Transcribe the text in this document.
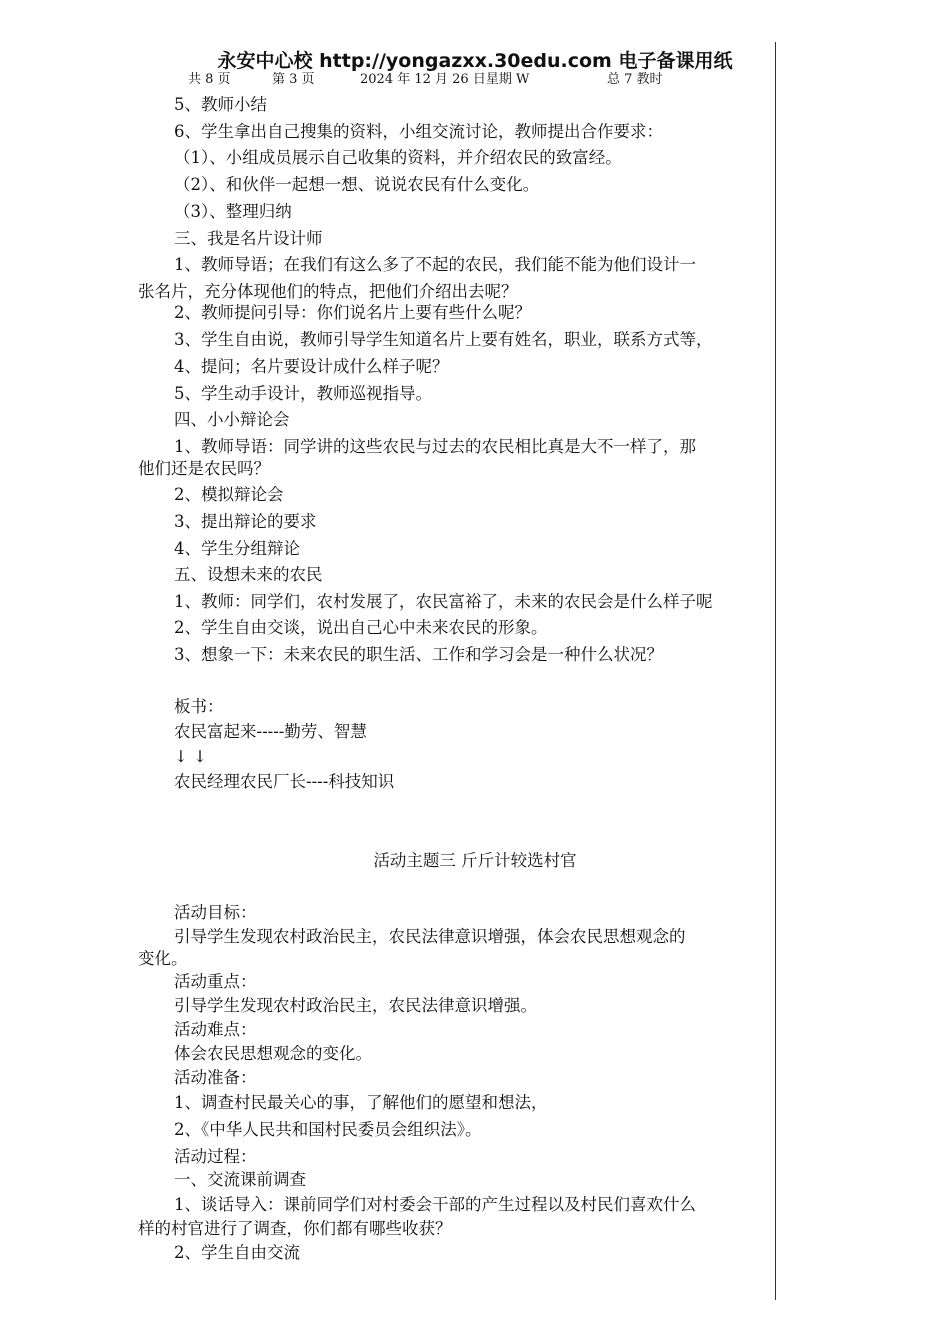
永安中心校 http://yongazxx.30edu.com 电子备课用纸
共 8 页	第 3 页	2024 年 12 月 26 日星期 W	总 7 教时
5、教师小结
6、学生拿出自己搜集的资料，小组交流讨论，教师提出合作要求：
（1）、小组成员展示自己收集的资料，并介绍农民的致富经。
（2）、和伙伴一起想一想、说说农民有什么变化。
（3）、整理归纳
三、我是名片设计师
1、教师导语；在我们有这么多了不起的农民，我们能不能为他们设计一
张名片，充分体现他们的特点，把他们介绍出去呢？
2、教师提问引导：你们说名片上要有些什么呢？
3、学生自由说，教师引导学生知道名片上要有姓名，职业，联系方式等，
4、提问；名片要设计成什么样子呢？
5、学生动手设计，教师巡视指导。
四、小小辩论会
1、教师导语：同学讲的这些农民与过去的农民相比真是大不一样了，那
他们还是农民吗？
2、模拟辩论会
3、提出辩论的要求
4、学生分组辩论
五、设想未来的农民
1、教师：同学们，农村发展了，农民富裕了，未来的农民会是什么样子呢
2、学生自由交谈，说出自己心中未来农民的形象。
3、想象一下：未来农民的职生活、工作和学习会是一种什么状况？
板书：
农民富起来-----勤劳、智慧
↓ ↓
农民经理农民厂长----科技知识
活动主题三 斤斤计较选村官
活动目标：
引导学生发现农村政治民主，农民法律意识增强，体会农民思想观念的
变化。
活动重点：
引导学生发现农村政治民主，农民法律意识增强。
活动难点：
体会农民思想观念的变化。
活动准备：
1、调查村民最关心的事，了解他们的愿望和想法，
2、《中华人民共和国村民委员会组织法》。
活动过程：
一、交流课前调查
1、谈话导入：课前同学们对村委会干部的产生过程以及村民们喜欢什么
样的村官进行了调查，你们都有哪些收获？
2、学生自由交流
